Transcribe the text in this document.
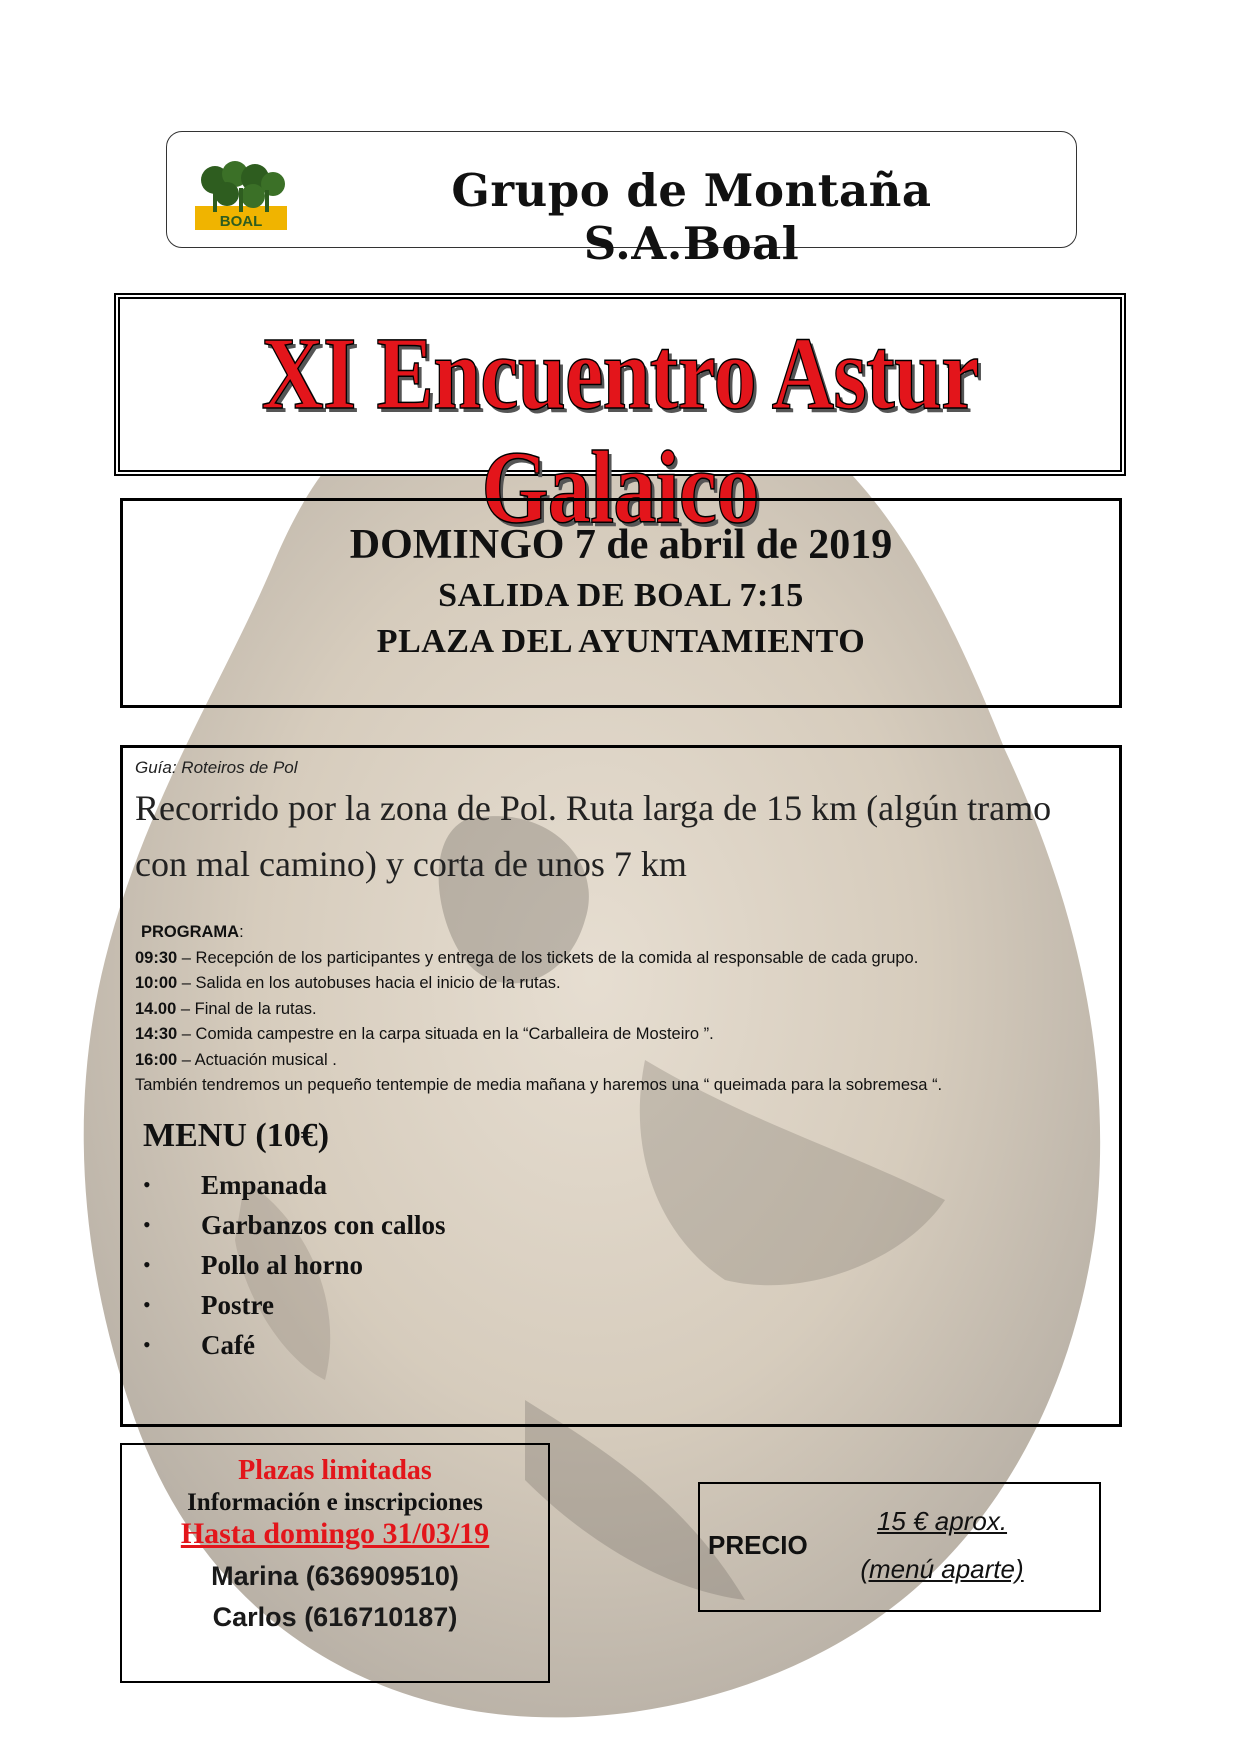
BOAL
Grupo de Montaña S.A.Boal
XI Encuentro Astur Galaico
DOMINGO 7 de abril de 2019
SALIDA DE BOAL 7:15
PLAZA DEL AYUNTAMIENTO
Guía: Roteiros de Pol
Recorrido por la zona de Pol. Ruta larga de 15 km (algún tramo con mal camino) y corta de unos 7 km
PROGRAMA:
09:30 – Recepción de los participantes y entrega de los tickets de la comida al responsable de cada grupo.
10:00 – Salida en los autobuses hacia el inicio de la rutas.
14.00 – Final de la rutas.
14:30 – Comida campestre en la carpa situada en la “Carballeira de Mosteiro ”.
16:00 – Actuación musical .
También tendremos un pequeño tentempie de media mañana y haremos una “ queimada para la sobremesa “.
MENU (10€)
• Empanada
• Garbanzos con callos
• Pollo al horno
• Postre
• Café
Plazas limitadas
Información e inscripciones
Hasta domingo 31/03/19
Marina (636909510)
Carlos (616710187)
PRECIO
15 € aprox.
(menú aparte)
